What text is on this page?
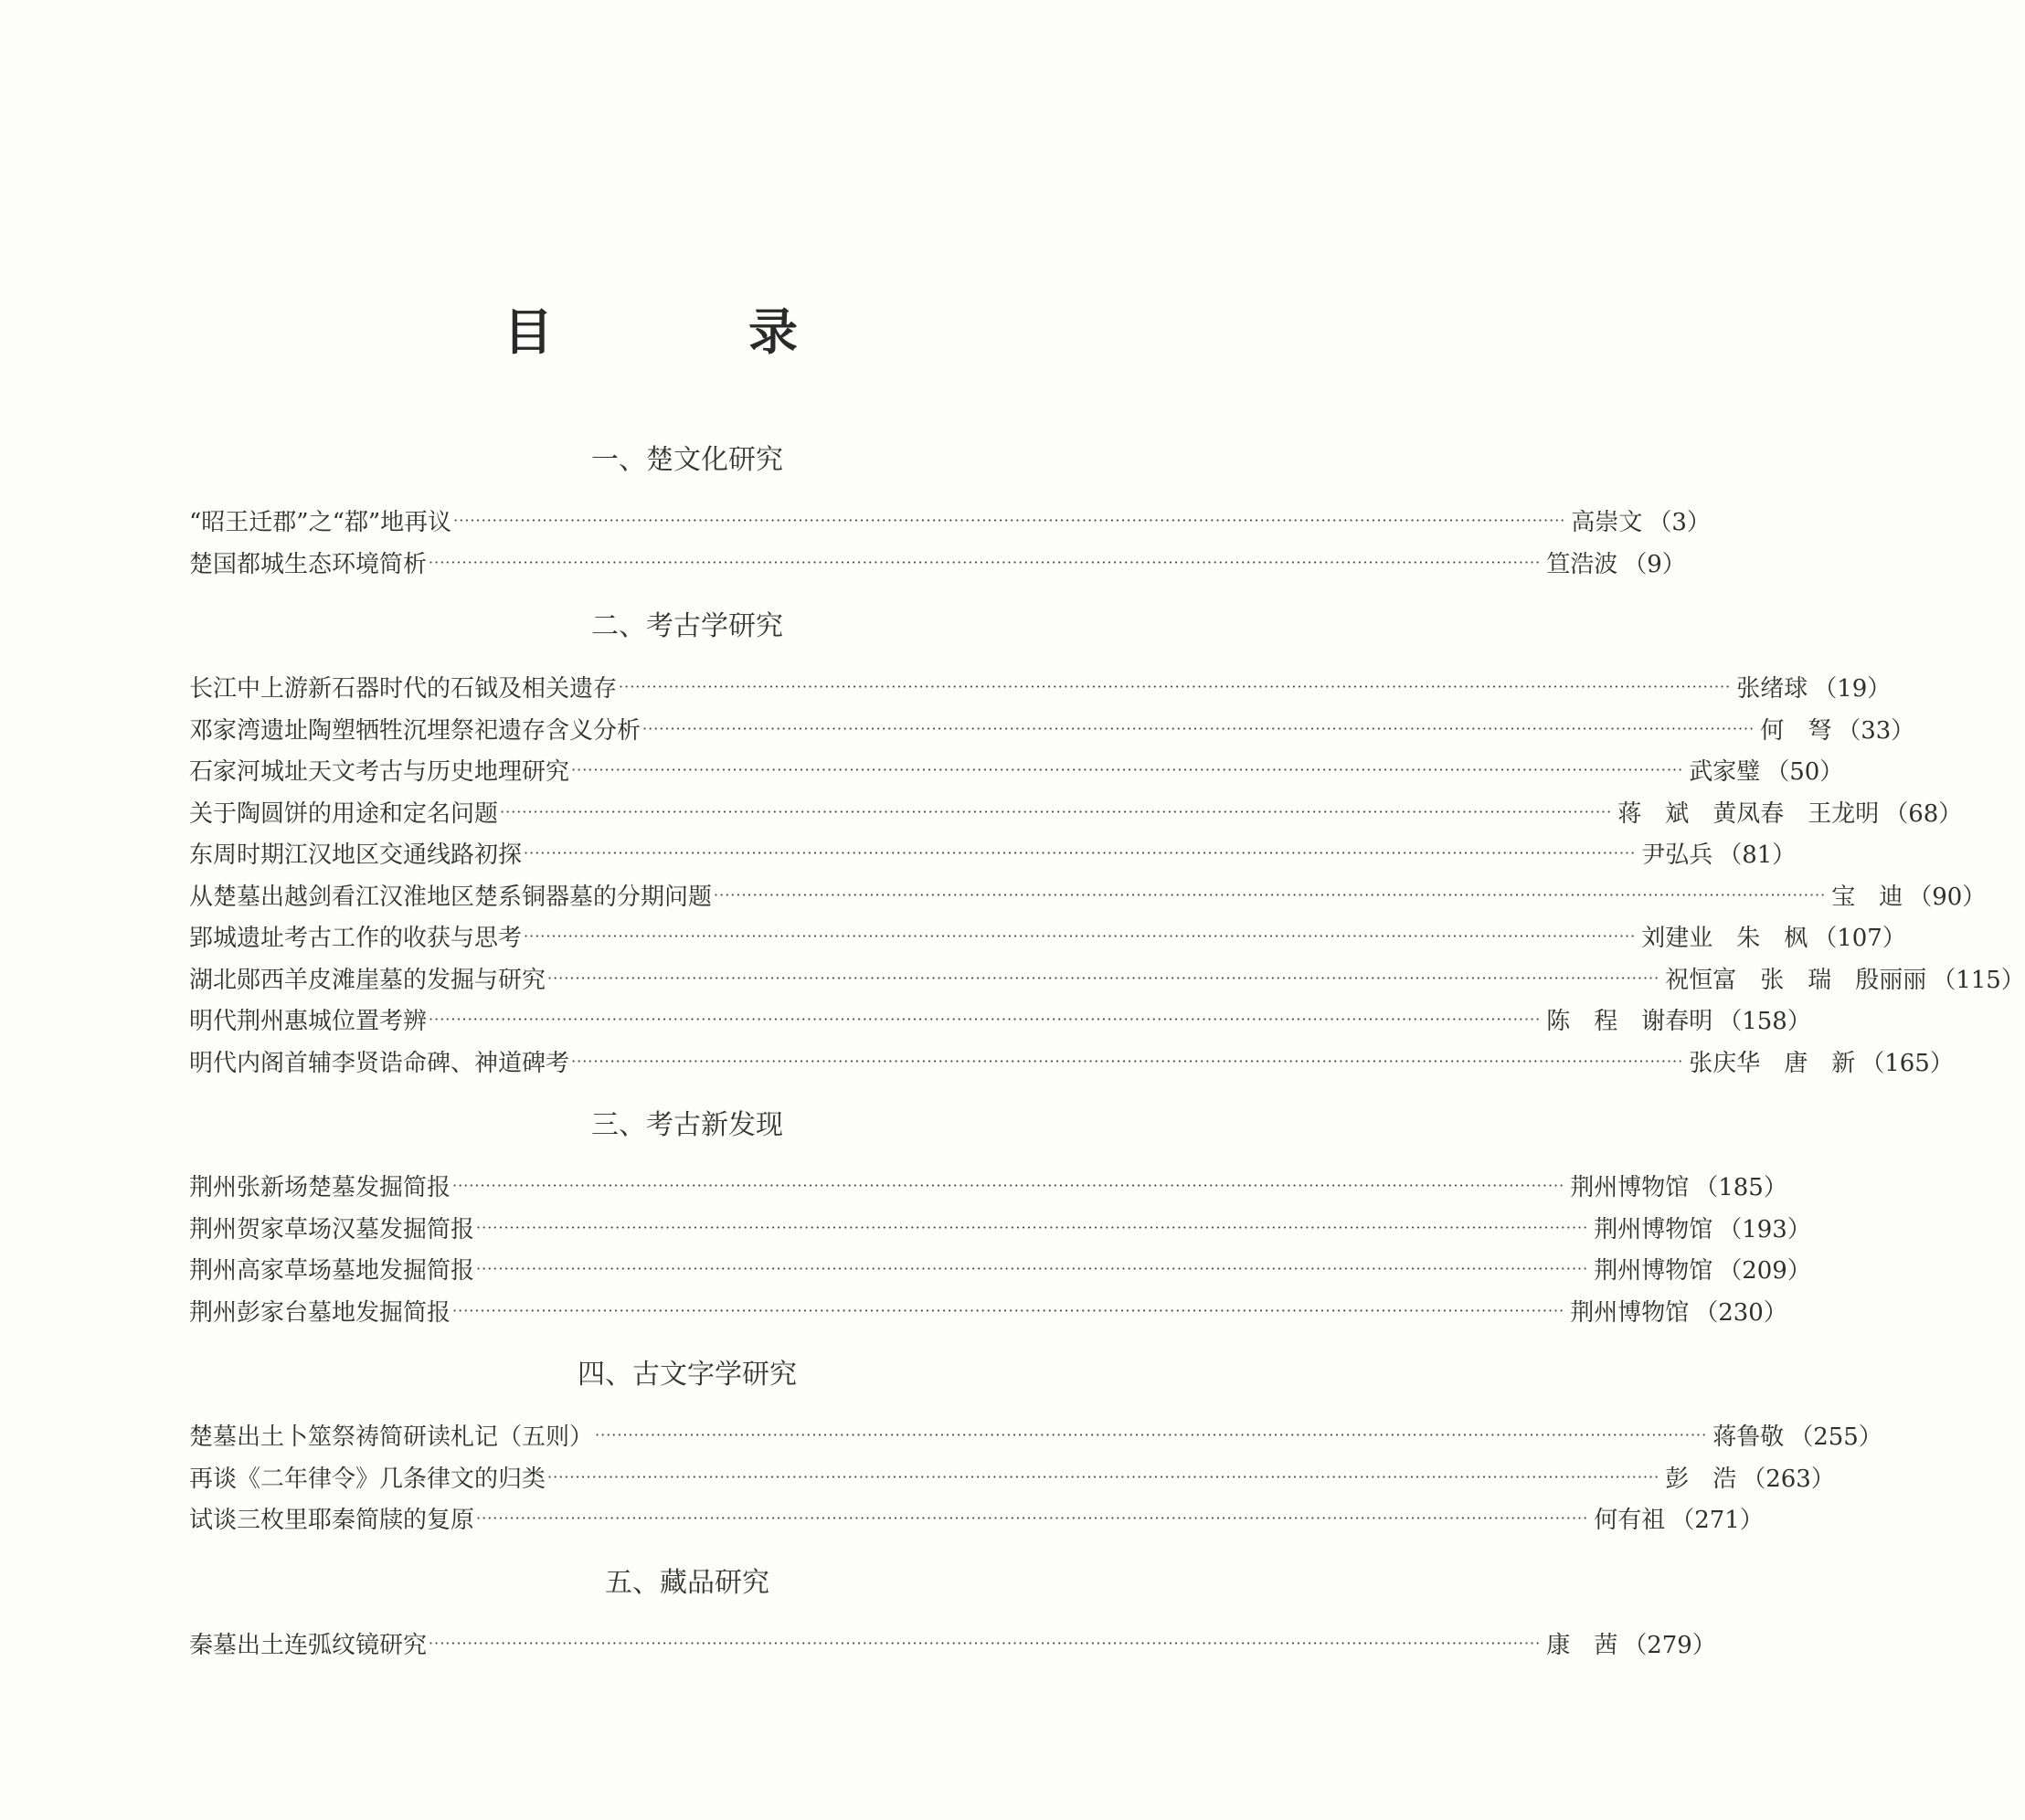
目　录
一、楚文化研究
“昭王迁郡”之“鄀”地再议 ········································································································································································································ 高崇文 （3）
楚国都城生态环境简析 ········································································································································································································ 笪浩波 （9）
二、考古学研究
长江中上游新石器时代的石钺及相关遗存 ········································································································································································································ 张绪球 （19）
邓家湾遗址陶塑牺牲沉埋祭祀遗存含义分析 ········································································································································································································ 何　弩 （33）
石家河城址天文考古与历史地理研究 ········································································································································································································ 武家璧 （50）
关于陶圆饼的用途和定名问题 ········································································································································································································ 蒋　斌　黄凤春　王龙明 （68）
东周时期江汉地区交通线路初探 ········································································································································································································ 尹弘兵 （81）
从楚墓出越剑看江汉淮地区楚系铜器墓的分期问题 ········································································································································································································ 宝　迪 （90）
郢城遗址考古工作的收获与思考 ········································································································································································································ 刘建业　朱　枫 （107）
湖北郧西羊皮滩崖墓的发掘与研究 ········································································································································································································ 祝恒富　张　瑞　殷丽丽 （115）
明代荆州惠城位置考辨 ········································································································································································································ 陈　程　谢春明 （158）
明代内阁首辅李贤诰命碑、神道碑考 ········································································································································································································ 张庆华　唐　新 （165）
三、考古新发现
荆州张新场楚墓发掘简报 ········································································································································································································ 荆州博物馆 （185）
荆州贺家草场汉墓发掘简报 ········································································································································································································ 荆州博物馆 （193）
荆州高家草场墓地发掘简报 ········································································································································································································ 荆州博物馆 （209）
荆州彭家台墓地发掘简报 ········································································································································································································ 荆州博物馆 （230）
四、古文字学研究
楚墓出土卜筮祭祷简研读札记（五则） ········································································································································································································ 蒋鲁敬 （255）
再谈《二年律令》几条律文的归类 ········································································································································································································ 彭　浩 （263）
试谈三枚里耶秦简牍的复原 ········································································································································································································ 何有祖 （271）
五、藏品研究
秦墓出土连弧纹镜研究 ········································································································································································································ 康　茜 （279）
